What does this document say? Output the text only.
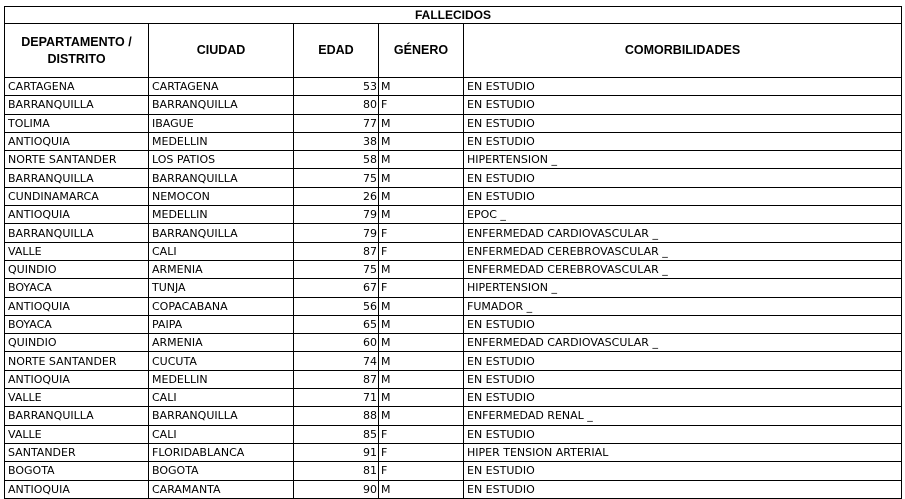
FALLECIDOS				
DEPARTAMENTO / DISTRITO	CIUDAD	EDAD	GÉNERO	COMORBILIDADES
CARTAGENA	CARTAGENA	53	M	EN ESTUDIO
BARRANQUILLA	BARRANQUILLA	80	F	EN ESTUDIO
TOLIMA	IBAGUE	77	M	EN ESTUDIO
ANTIOQUIA	MEDELLIN	38	M	EN ESTUDIO
NORTE SANTANDER	LOS PATIOS	58	M	HIPERTENSION _
BARRANQUILLA	BARRANQUILLA	75	M	EN ESTUDIO
CUNDINAMARCA	NEMOCON	26	M	EN ESTUDIO
ANTIOQUIA	MEDELLIN	79	M	EPOC _
BARRANQUILLA	BARRANQUILLA	79	F	ENFERMEDAD CARDIOVASCULAR _
VALLE	CALI	87	F	ENFERMEDAD CEREBROVASCULAR _
QUINDIO	ARMENIA	75	M	ENFERMEDAD CEREBROVASCULAR _
BOYACA	TUNJA	67	F	HIPERTENSION _
ANTIOQUIA	COPACABANA	56	M	FUMADOR _
BOYACA	PAIPA	65	M	EN ESTUDIO
QUINDIO	ARMENIA	60	M	ENFERMEDAD CARDIOVASCULAR _
NORTE SANTANDER	CUCUTA	74	M	EN ESTUDIO
ANTIOQUIA	MEDELLIN	87	M	EN ESTUDIO
VALLE	CALI	71	M	EN ESTUDIO
BARRANQUILLA	BARRANQUILLA	88	M	ENFERMEDAD RENAL _
VALLE	CALI	85	F	EN ESTUDIO
SANTANDER	FLORIDABLANCA	91	F	HIPER TENSION ARTERIAL
BOGOTA	BOGOTA	81	F	EN ESTUDIO
ANTIOQUIA	CARAMANTA	90	M	EN ESTUDIO
